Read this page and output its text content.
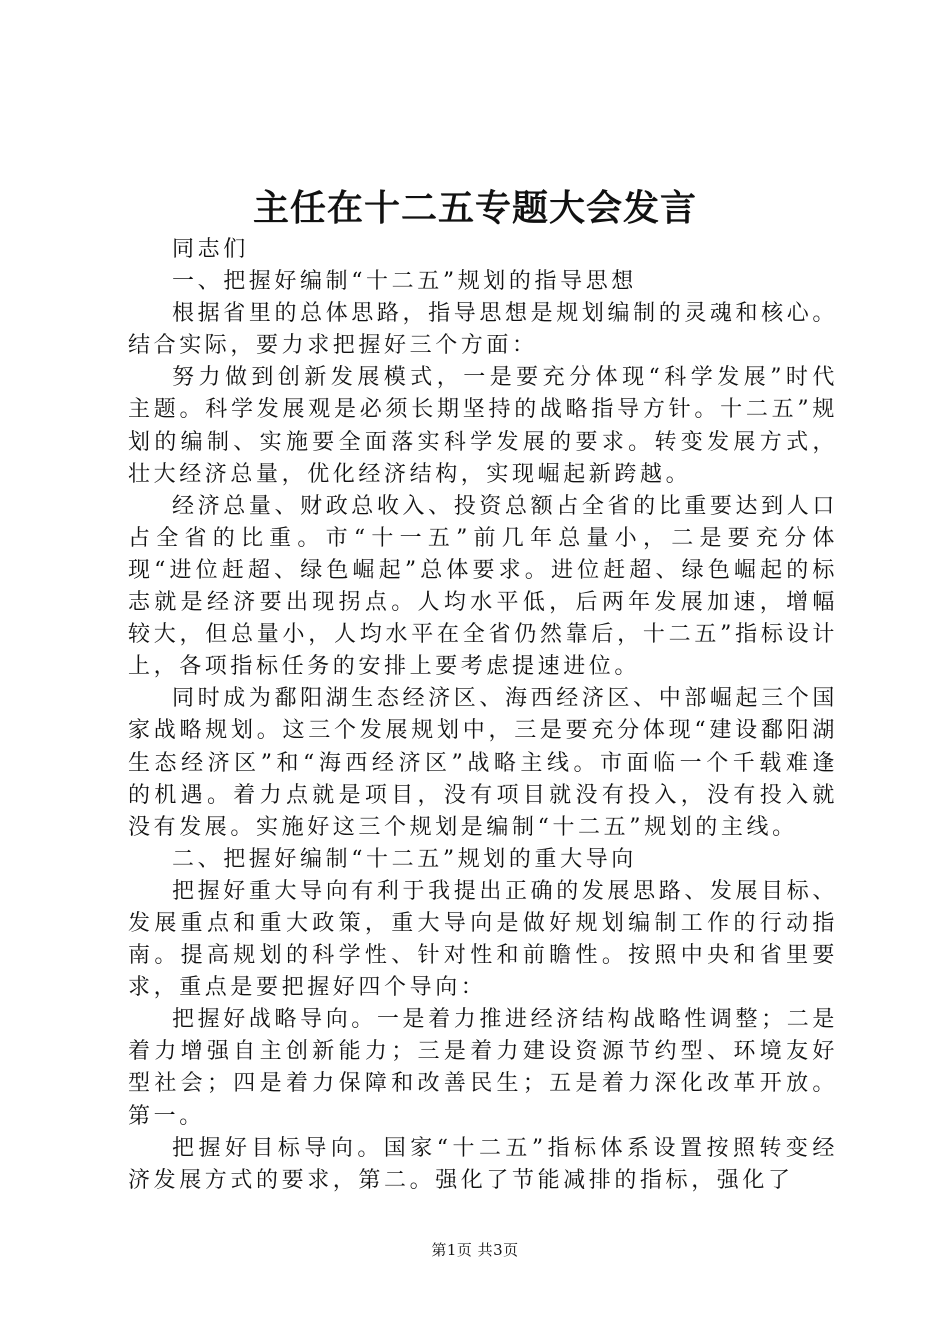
主任在十二五专题大会发言

同志们

一、把握好编制“十二五”规划的指导思想

根据省里的总体思路，指导思想是规划编制的灵魂和核心。结合实际，要力求把握好三个方面：

努力做到创新发展模式，一是要充分体现“科学发展”时代主题。科学发展观是必须长期坚持的战略指导方针。十二五”规划的编制、实施要全面落实科学发展的要求。转变发展方式，壮大经济总量，优化经济结构，实现崛起新跨越。

经济总量、财政总收入、投资总额占全省的比重要达到人口占全省的比重。市“十一五”前几年总量小，二是要充分体现“进位赶超、绿色崛起”总体要求。进位赶超、绿色崛起的标志就是经济要出现拐点。人均水平低，后两年发展加速，增幅较大，但总量小，人均水平在全省仍然靠后，十二五”指标设计上，各项指标任务的安排上要考虑提速进位。

同时成为鄱阳湖生态经济区、海西经济区、中部崛起三个国家战略规划。这三个发展规划中，三是要充分体现“建设鄱阳湖生态经济区”和“海西经济区”战略主线。市面临一个千载难逢的机遇。着力点就是项目，没有项目就没有投入，没有投入就没有发展。实施好这三个规划是编制“十二五”规划的主线。

二、把握好编制“十二五”规划的重大导向

把握好重大导向有利于我提出正确的发展思路、发展目标、发展重点和重大政策，重大导向是做好规划编制工作的行动指南。提高规划的科学性、针对性和前瞻性。按照中央和省里要求，重点是要把握好四个导向：

把握好战略导向。一是着力推进经济结构战略性调整；二是着力增强自主创新能力；三是着力建设资源节约型、环境友好型社会；四是着力保障和改善民生；五是着力深化改革开放。第一。

把握好目标导向。国家“十二五”指标体系设置按照转变经济发展方式的要求，第二。强化了节能减排的指标，强化了

第1页 共3页
